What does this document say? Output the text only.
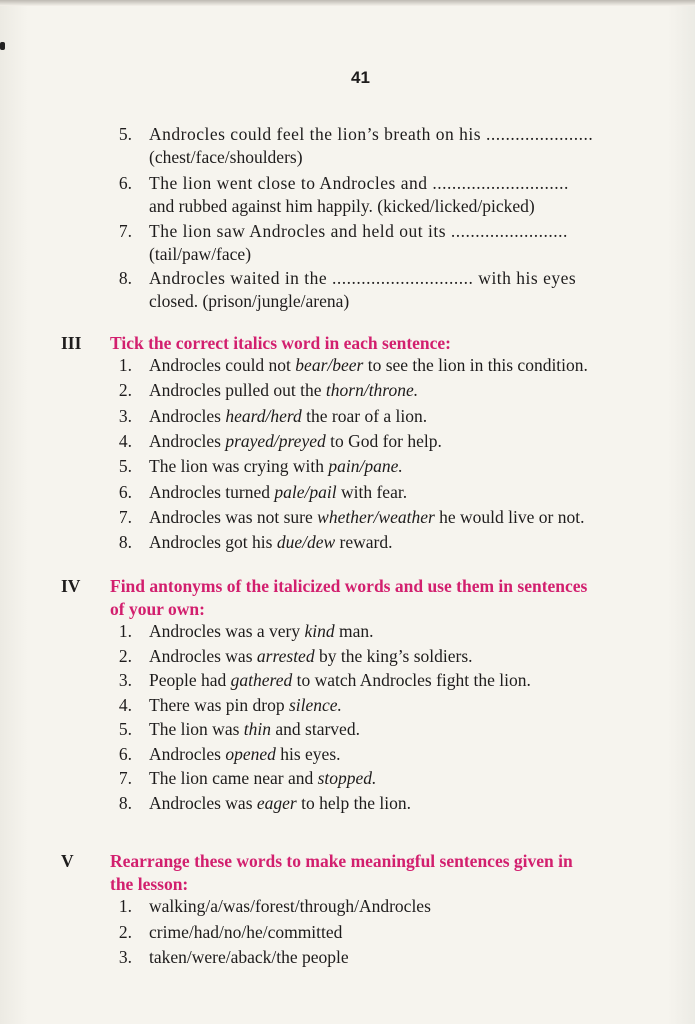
41
5. Androcles could feel the lion’s breath on his ......................
(chest/face/shoulders)
6. The lion went close to Androcles and ............................
and rubbed against him happily. (kicked/licked/picked)
7. The lion saw Androcles and held out its ........................
(tail/paw/face)
8. Androcles waited in the ............................. with his eyes
closed. (prison/jungle/arena)
III Tick the correct italics word in each sentence:
1. Androcles could not bear/beer to see the lion in this condition.
2. Androcles pulled out the thorn/throne.
3. Androcles heard/herd the roar of a lion.
4. Androcles prayed/preyed to God for help.
5. The lion was crying with pain/pane.
6. Androcles turned pale/pail with fear.
7. Androcles was not sure whether/weather he would live or not.
8. Androcles got his due/dew reward.
IV Find antonyms of the italicized words and use them in sentences
of your own:
1. Androcles was a very kind man.
2. Androcles was arrested by the king’s soldiers.
3. People had gathered to watch Androcles fight the lion.
4. There was pin drop silence.
5. The lion was thin and starved.
6. Androcles opened his eyes.
7. The lion came near and stopped.
8. Androcles was eager to help the lion.
V Rearrange these words to make meaningful sentences given in
the lesson:
1. walking/a/was/forest/through/Androcles
2. crime/had/no/he/committed
3. taken/were/aback/the people
